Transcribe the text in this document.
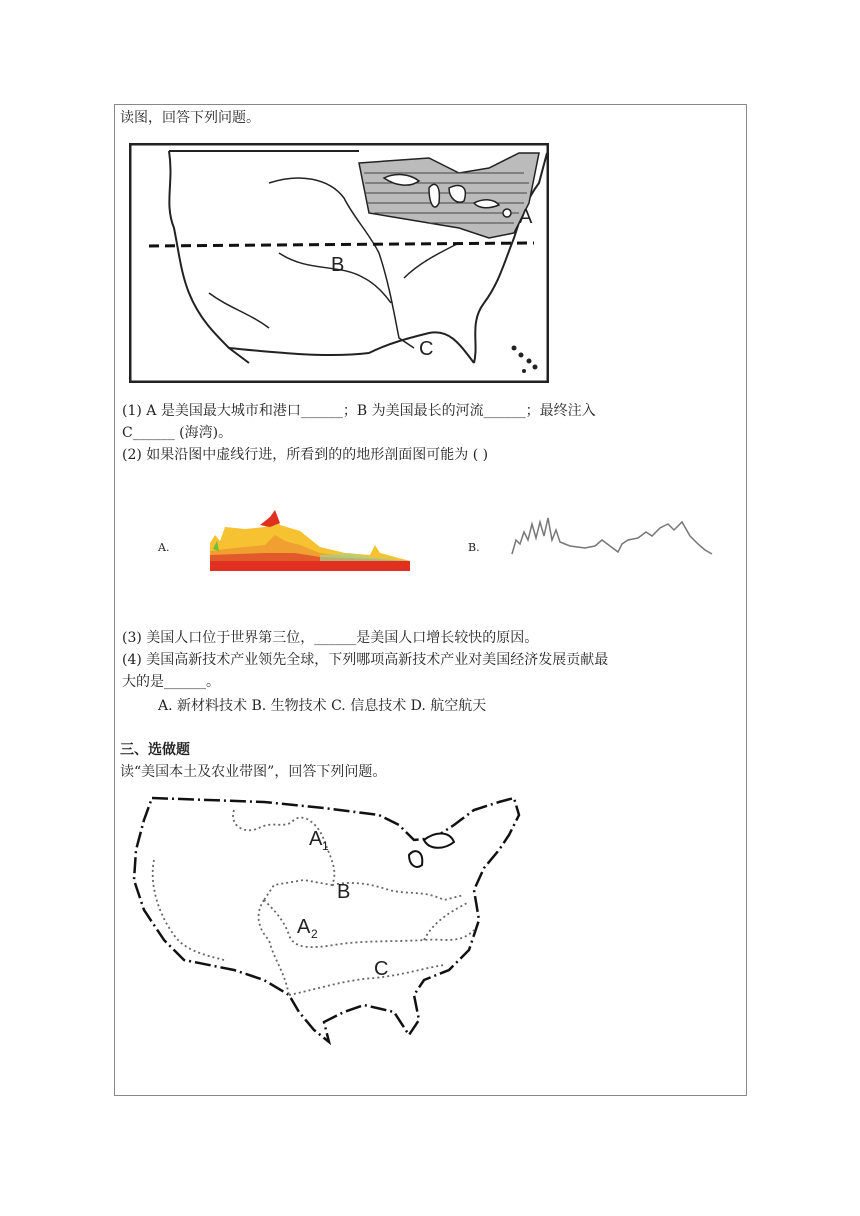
读图，回答下列问题。
A
B
C
(1) A 是美国最大城市和港口______；B 为美国最长的河流______；最终注入
C______ (海湾)。
(2) 如果沿图中虚线行进，所看到的的地形剖面图可能为 ( )
A.	B.
(3) 美国人口位于世界第三位，______是美国人口增长较快的原因。
(4) 美国高新技术产业领先全球，下列哪项高新技术产业对美国经济发展贡献最
大的是______。
A. 新材料技术 B. 生物技术 C. 信息技术 D. 航空航天
三、选做题
读“美国本土及农业带图”，回答下列问题。
A 1
B
A 2
C
